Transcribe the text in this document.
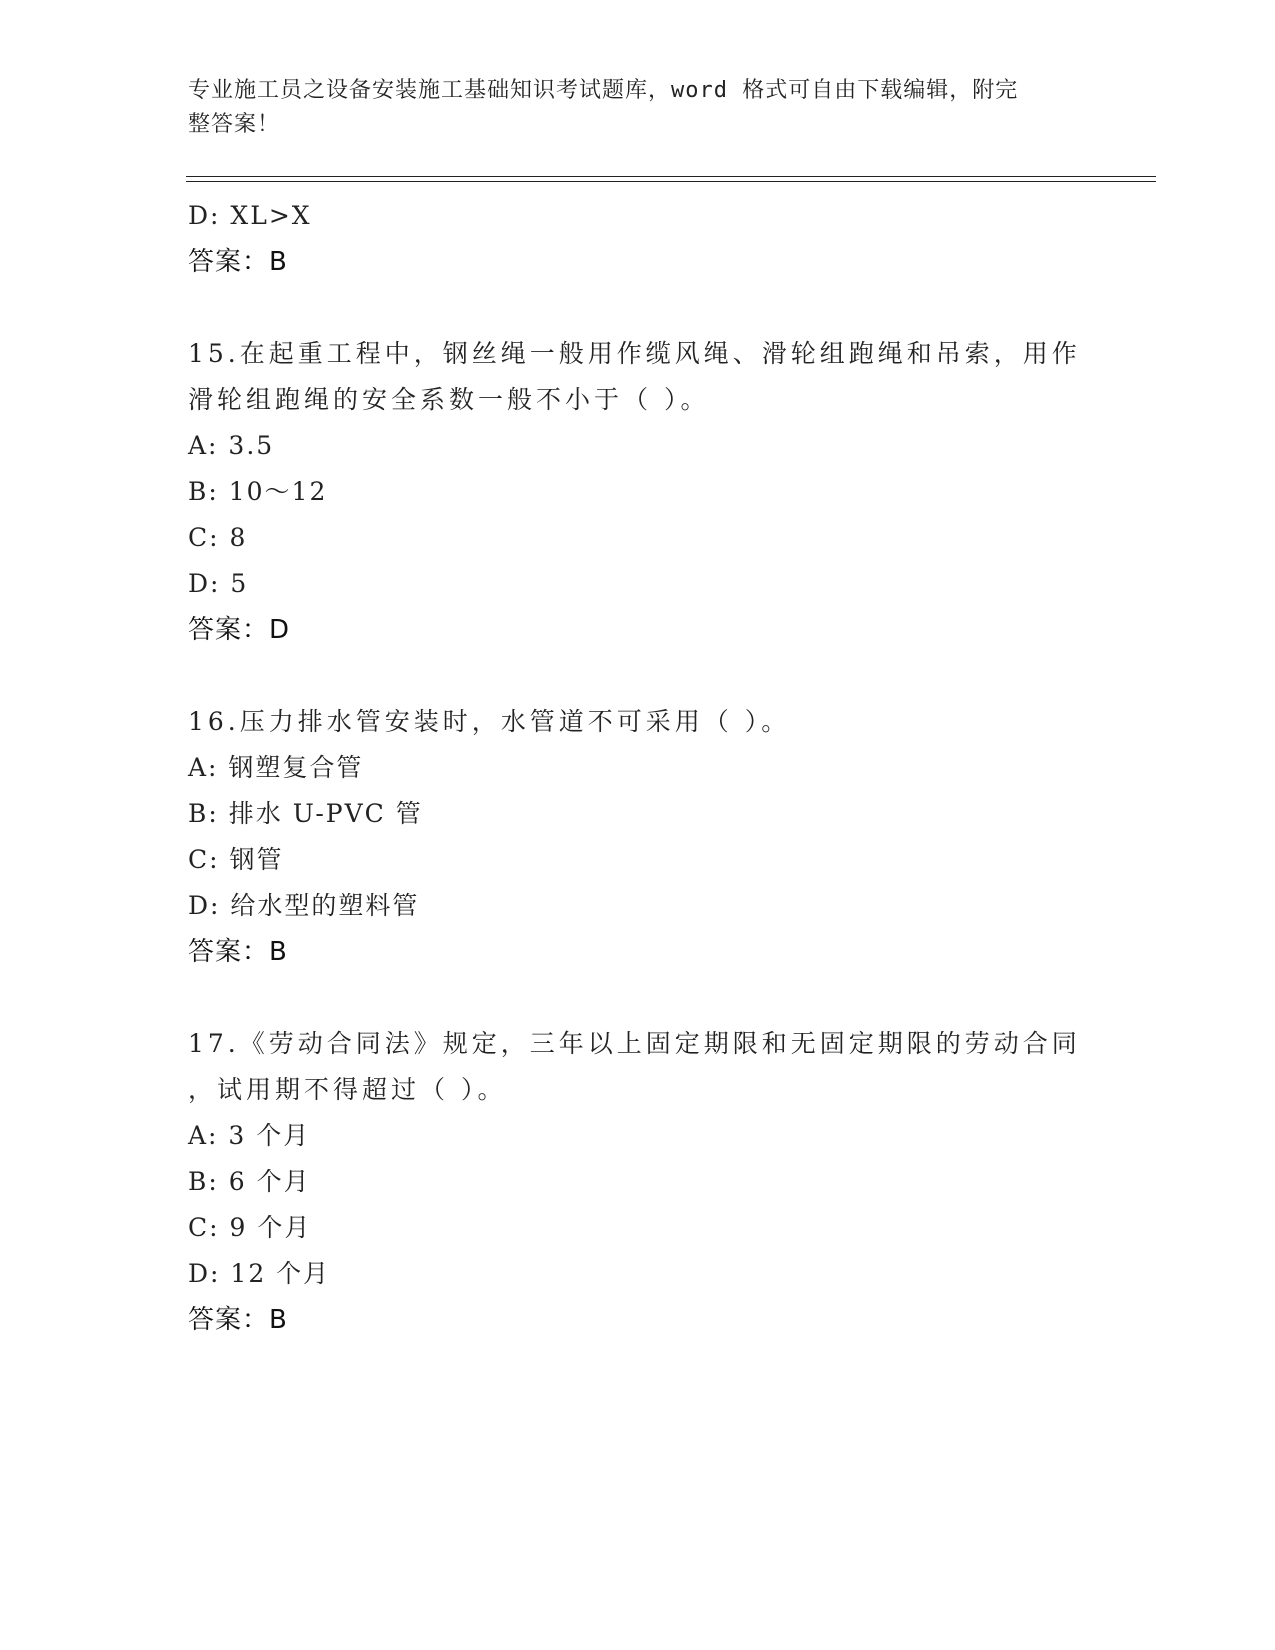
专业施工员之设备安装施工基础知识考试题库，word 格式可自由下载编辑，附完
整答案！
D: XL>X
答案：B
15.在起重工程中，钢丝绳一般用作缆风绳、滑轮组跑绳和吊索，用作
滑轮组跑绳的安全系数一般不小于（ ）。
A: 3.5
B: 10～12
C: 8
D: 5
答案：D
16.压力排水管安装时，水管道不可采用（ ）。
A: 钢塑复合管
B: 排水 U-PVC 管
C: 钢管
D: 给水型的塑料管
答案：B
17.《劳动合同法》规定，三年以上固定期限和无固定期限的劳动合同
，试用期不得超过（ ）。
A: 3 个月
B: 6 个月
C: 9 个月
D: 12 个月
答案：B
